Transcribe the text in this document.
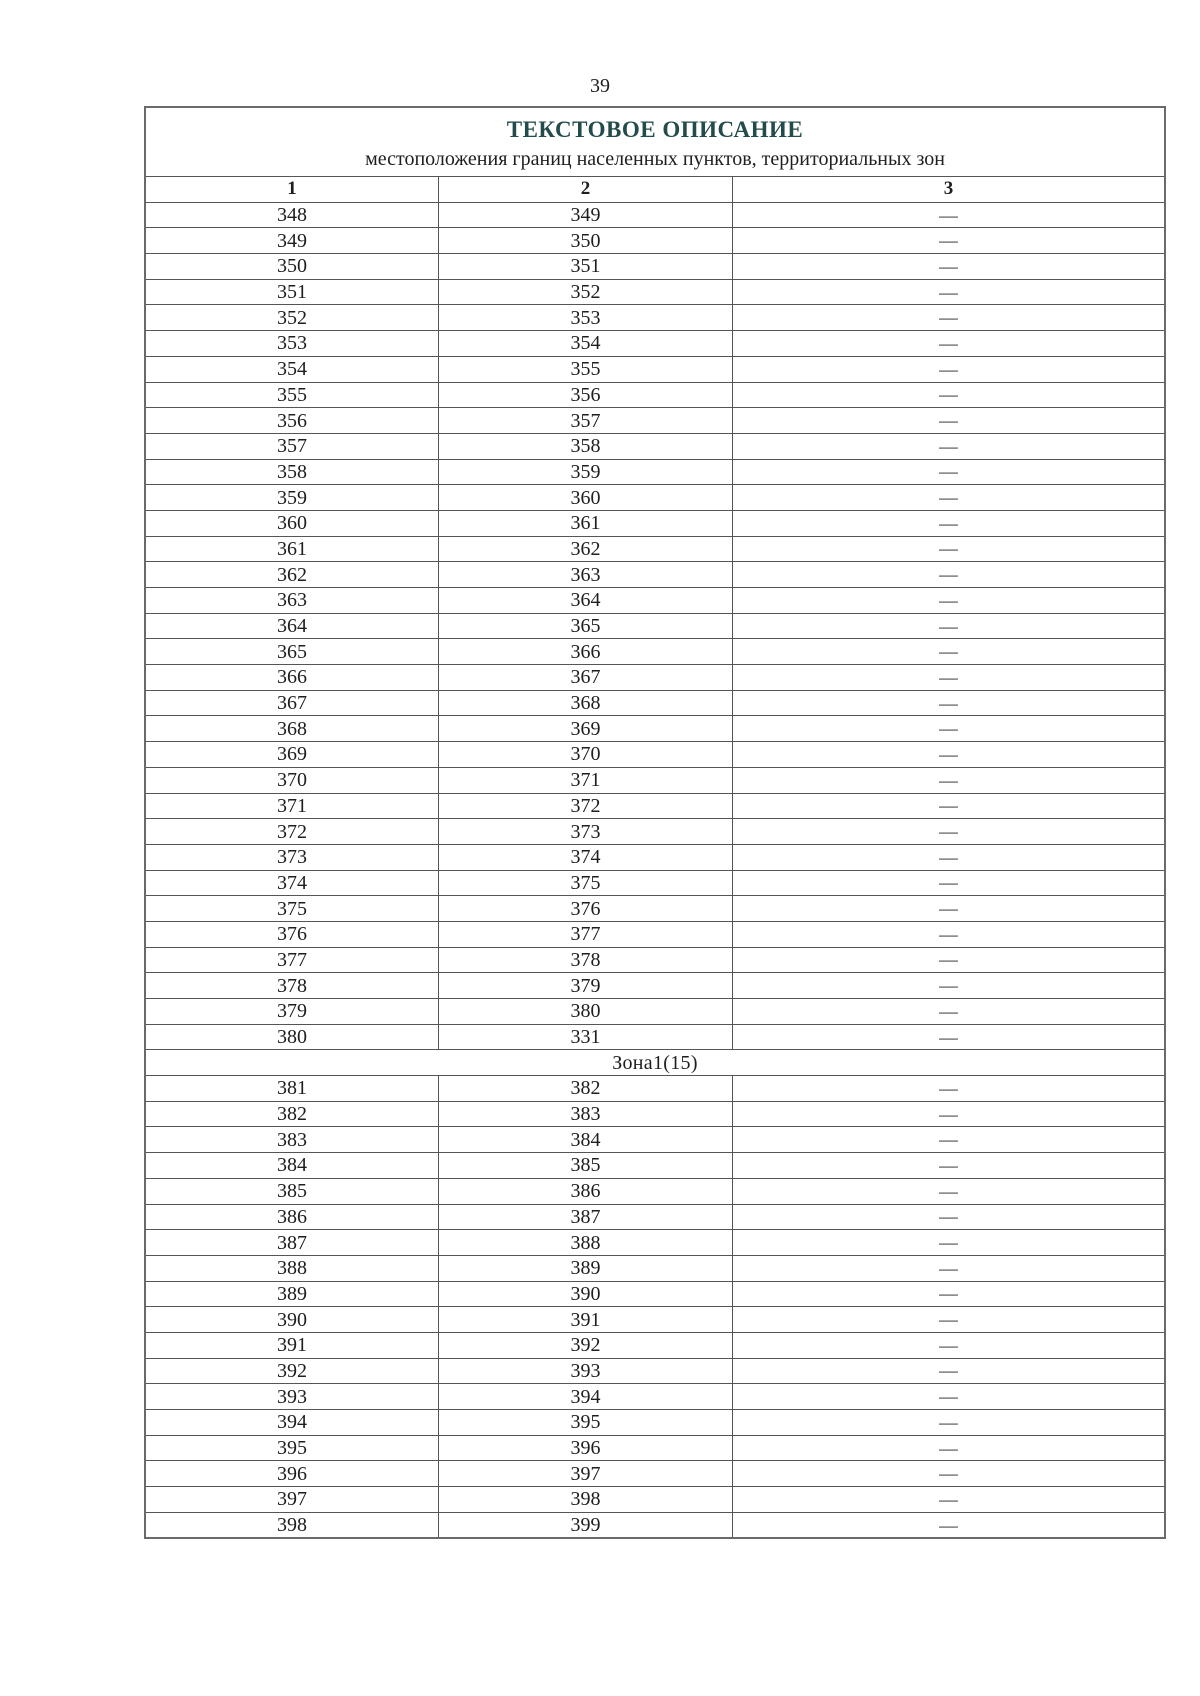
39
ТЕКСТОВОЕ ОПИСАНИЕ
местоположения границ населенных пунктов, территориальных зон
1	2	3
348	349	—
349	350	—
350	351	—
351	352	—
352	353	—
353	354	—
354	355	—
355	356	—
356	357	—
357	358	—
358	359	—
359	360	—
360	361	—
361	362	—
362	363	—
363	364	—
364	365	—
365	366	—
366	367	—
367	368	—
368	369	—
369	370	—
370	371	—
371	372	—
372	373	—
373	374	—
374	375	—
375	376	—
376	377	—
377	378	—
378	379	—
379	380	—
380	331	—
Зона1(15)		
381	382	—
382	383	—
383	384	—
384	385	—
385	386	—
386	387	—
387	388	—
388	389	—
389	390	—
390	391	—
391	392	—
392	393	—
393	394	—
394	395	—
395	396	—
396	397	—
397	398	—
398	399	—
